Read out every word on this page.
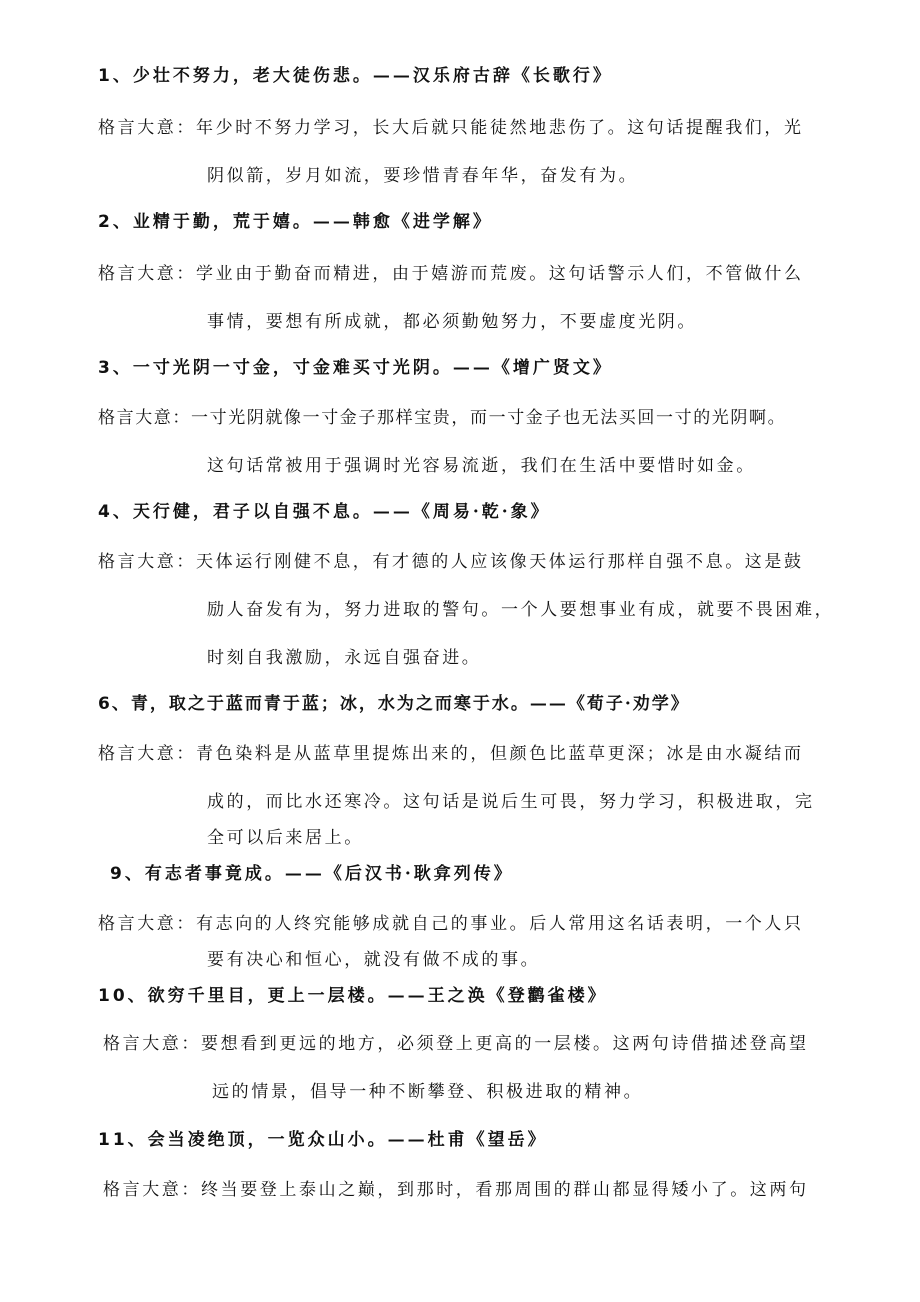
1、少壮不努力，老大徒伤悲。——汉乐府古辞《长歌行》
格言大意：年少时不努力学习，长大后就只能徒然地悲伤了。这句话提醒我们，光
阴似箭，岁月如流，要珍惜青春年华，奋发有为。
2、业精于勤，荒于嬉。——韩愈《进学解》
格言大意：学业由于勤奋而精进，由于嬉游而荒废。这句话警示人们，不管做什么
事情，要想有所成就，都必须勤勉努力，不要虚度光阴。
3、一寸光阴一寸金，寸金难买寸光阴。——《增广贤文》
格言大意：一寸光阴就像一寸金子那样宝贵，而一寸金子也无法买回一寸的光阴啊。
这句话常被用于强调时光容易流逝，我们在生活中要惜时如金。
4、天行健，君子以自强不息。——《周易·乾·象》
格言大意：天体运行刚健不息，有才德的人应该像天体运行那样自强不息。这是鼓
励人奋发有为，努力进取的警句。一个人要想事业有成，就要不畏困难，
时刻自我激励，永远自强奋进。
6、青，取之于蓝而青于蓝；冰，水为之而寒于水。——《荀子·劝学》
格言大意：青色染料是从蓝草里提炼出来的，但颜色比蓝草更深；冰是由水凝结而
成的，而比水还寒冷。这句话是说后生可畏，努力学习，积极进取，完
全可以后来居上。
9、有志者事竟成。——《后汉书·耿弇列传》
格言大意：有志向的人终究能够成就自己的事业。后人常用这名话表明，一个人只
要有决心和恒心，就没有做不成的事。
10、欲穷千里目，更上一层楼。——王之涣《登鹳雀楼》
格言大意：要想看到更远的地方，必须登上更高的一层楼。这两句诗借描述登高望
远的情景，倡导一种不断攀登、积极进取的精神。
11、会当凌绝顶，一览众山小。——杜甫《望岳》
格言大意：终当要登上泰山之巅，到那时，看那周围的群山都显得矮小了。这两句
